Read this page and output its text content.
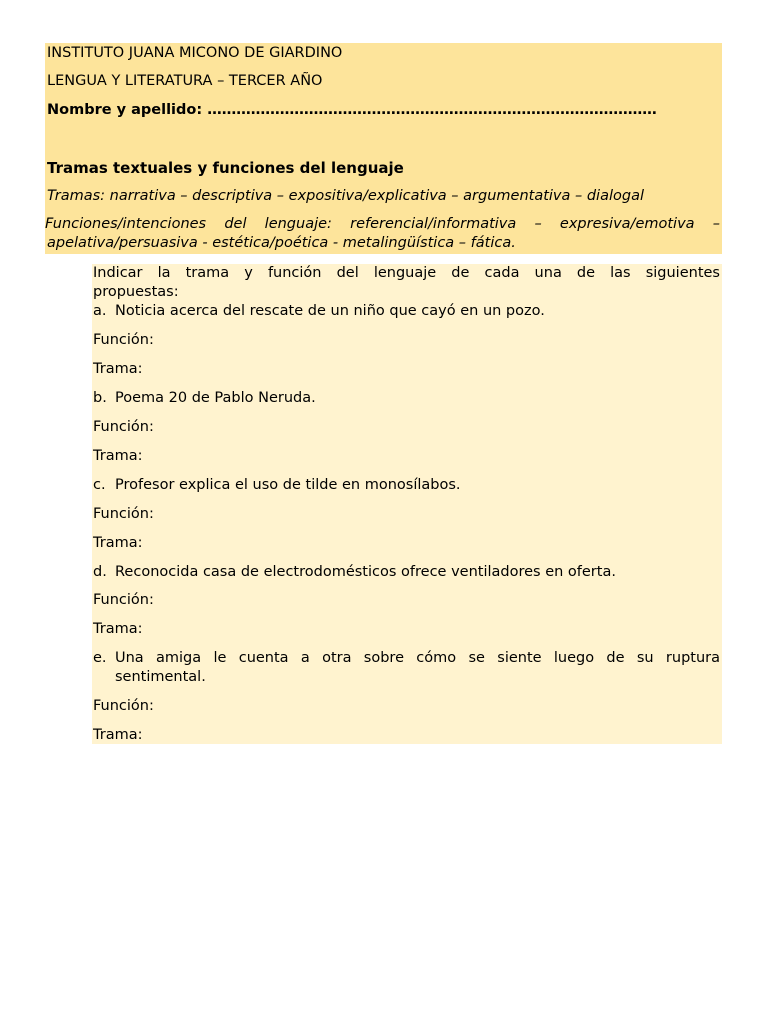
INSTITUTO JUANA MICONO DE GIARDINO
LENGUA Y LITERATURA – TERCER AÑO
Nombre y apellido: …………………………………………………………………………………
Tramas textuales y funciones del lenguaje
Tramas: narrativa – descriptiva – expositiva/explicativa – argumentativa – dialogal
Funciones/intenciones del lenguaje: referencial/informativa – expresiva/emotiva –
apelativa/persuasiva - estética/poética - metalingüística – fática.
Indicar la trama y función del lenguaje de cada una de las siguientes
propuestas:
a. Noticia acerca del rescate de un niño que cayó en un pozo.
Función:
Trama:
b. Poema 20 de Pablo Neruda.
Función:
Trama:
c. Profesor explica el uso de tilde en monosílabos.
Función:
Trama:
d. Reconocida casa de electrodomésticos ofrece ventiladores en oferta.
Función:
Trama:
e. Una amiga le cuenta a otra sobre cómo se siente luego de su ruptura
sentimental.
Función:
Trama:
